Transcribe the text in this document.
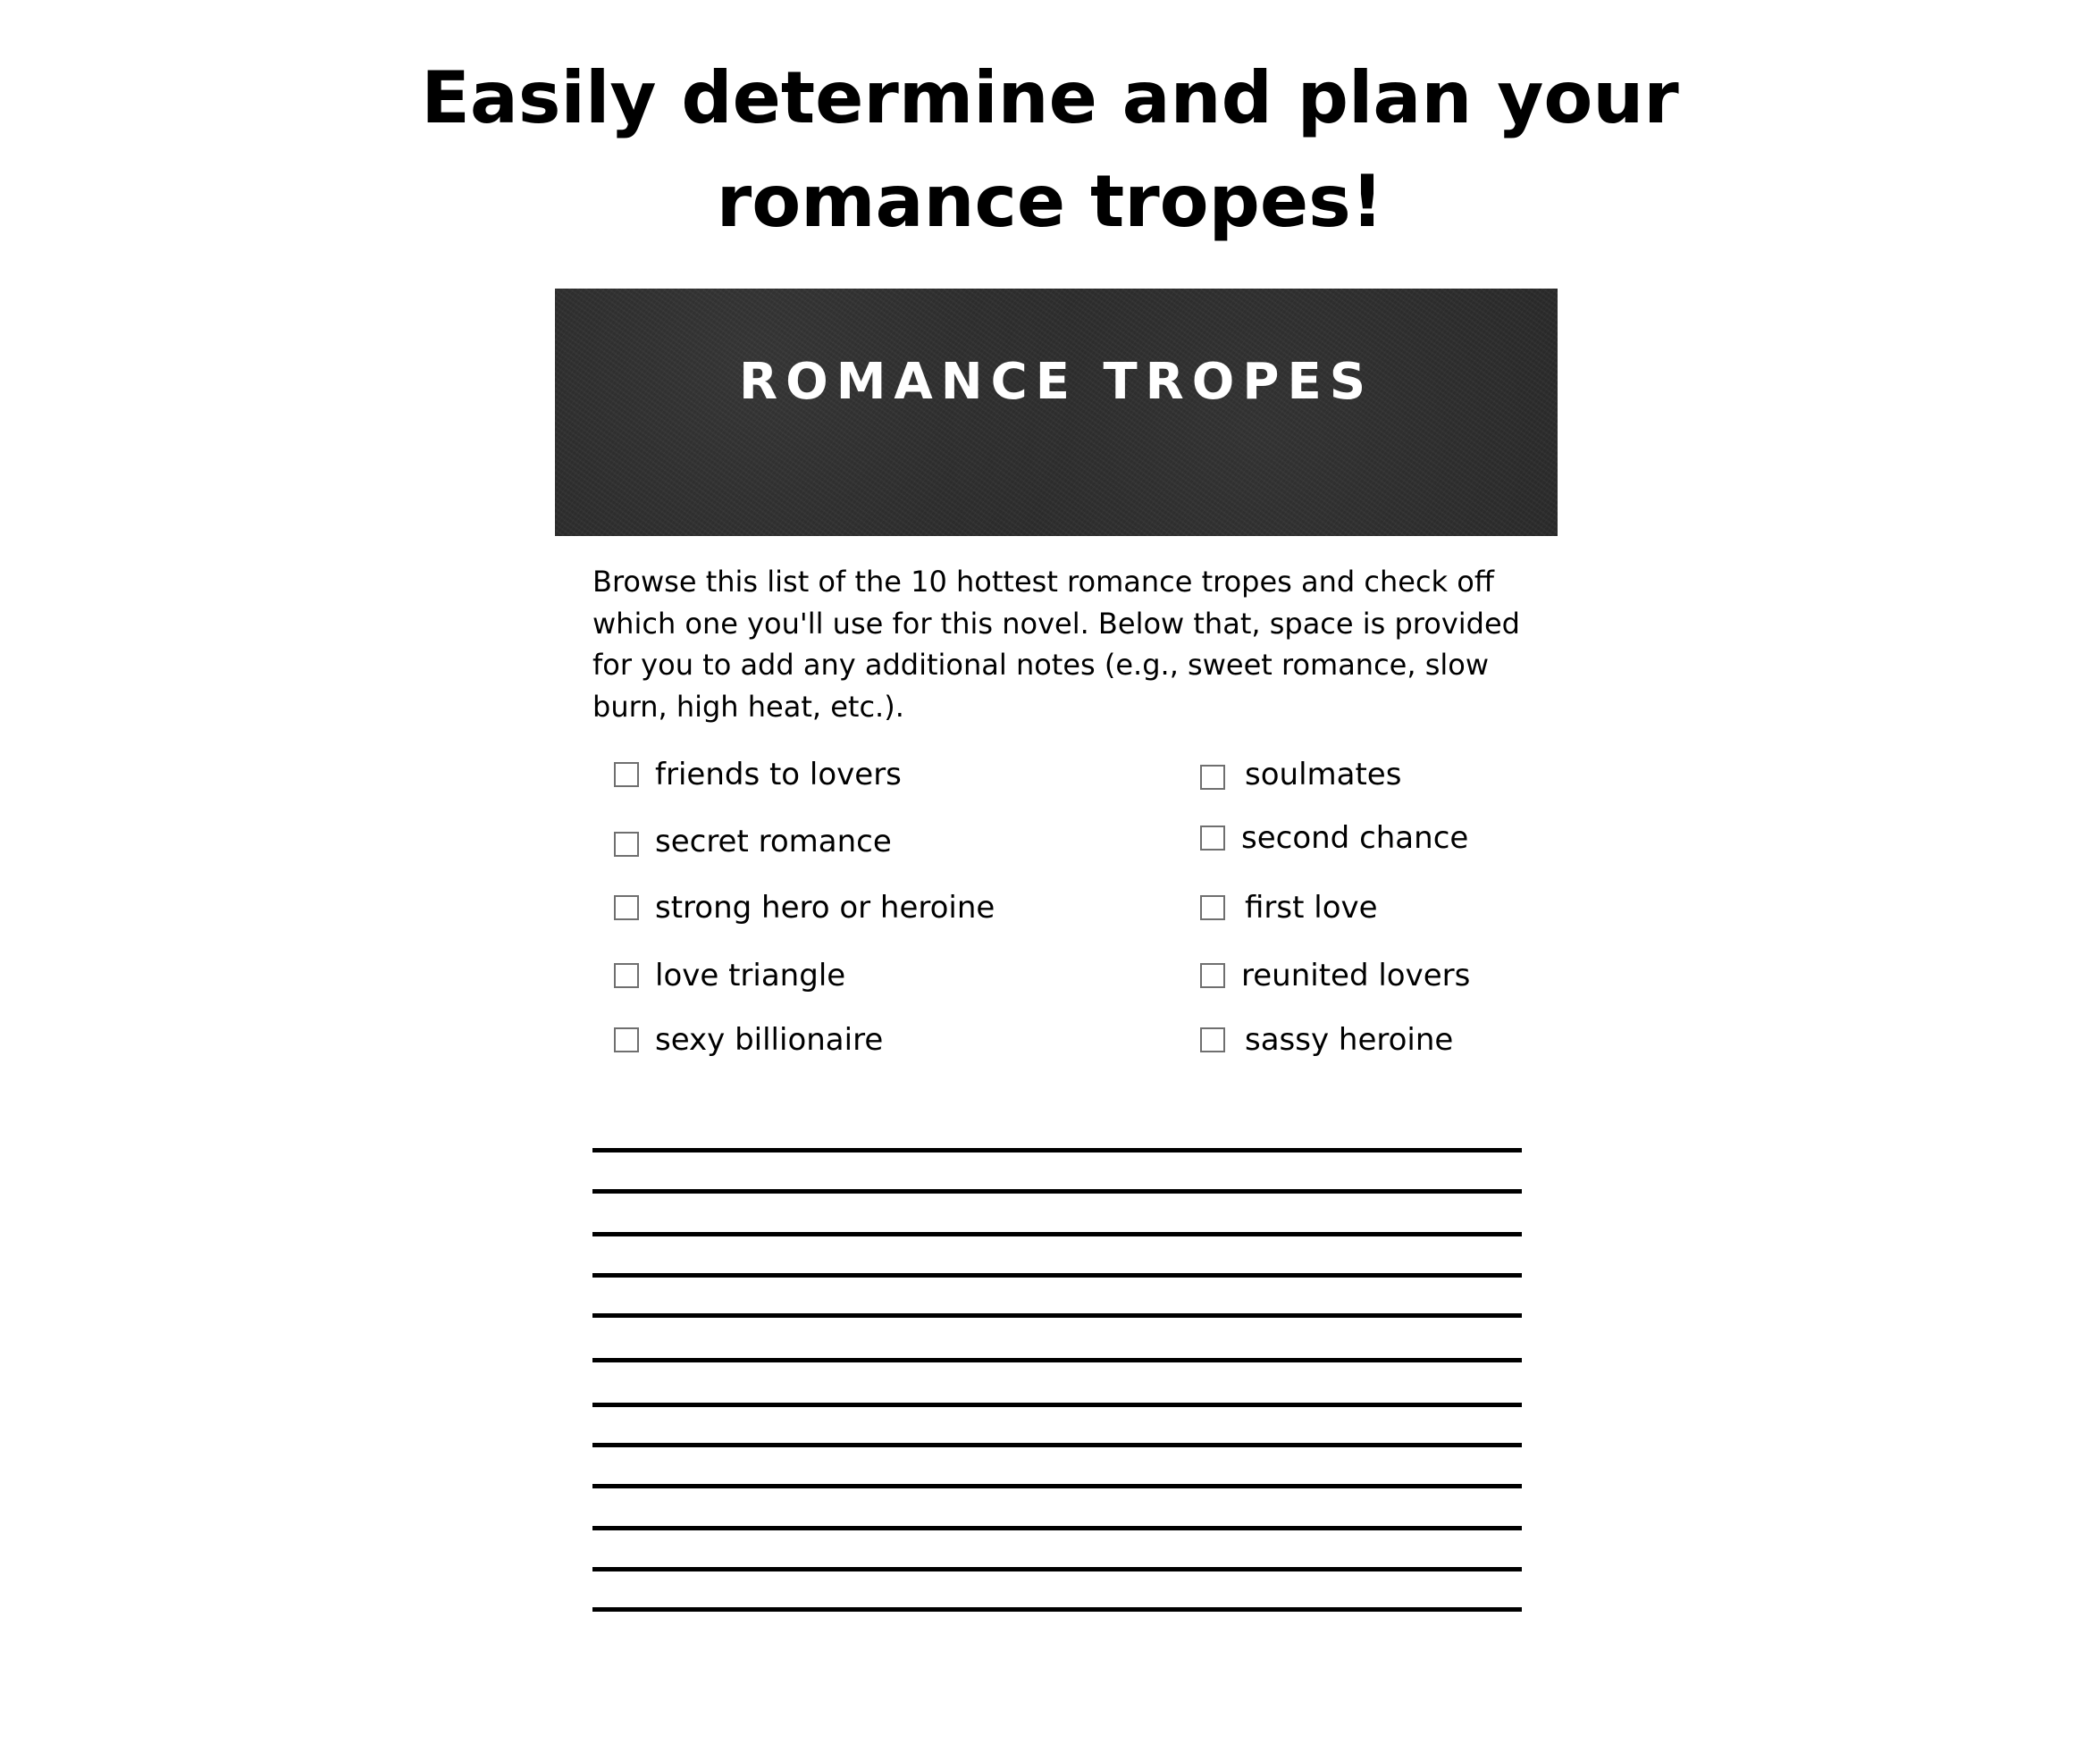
Easily determine and plan your
romance tropes!
ROMANCE TROPES

Browse this list of the 10 hottest romance tropes and check off which one you'll use for this novel. Below that, space is provided for you to add any additional notes (e.g., sweet romance, slow burn, high heat, etc.).

friends to lovers	soulmates
secret romance	second chance
strong hero or heroine	first love
love triangle	reunited lovers
sexy billionaire	sassy heroine
